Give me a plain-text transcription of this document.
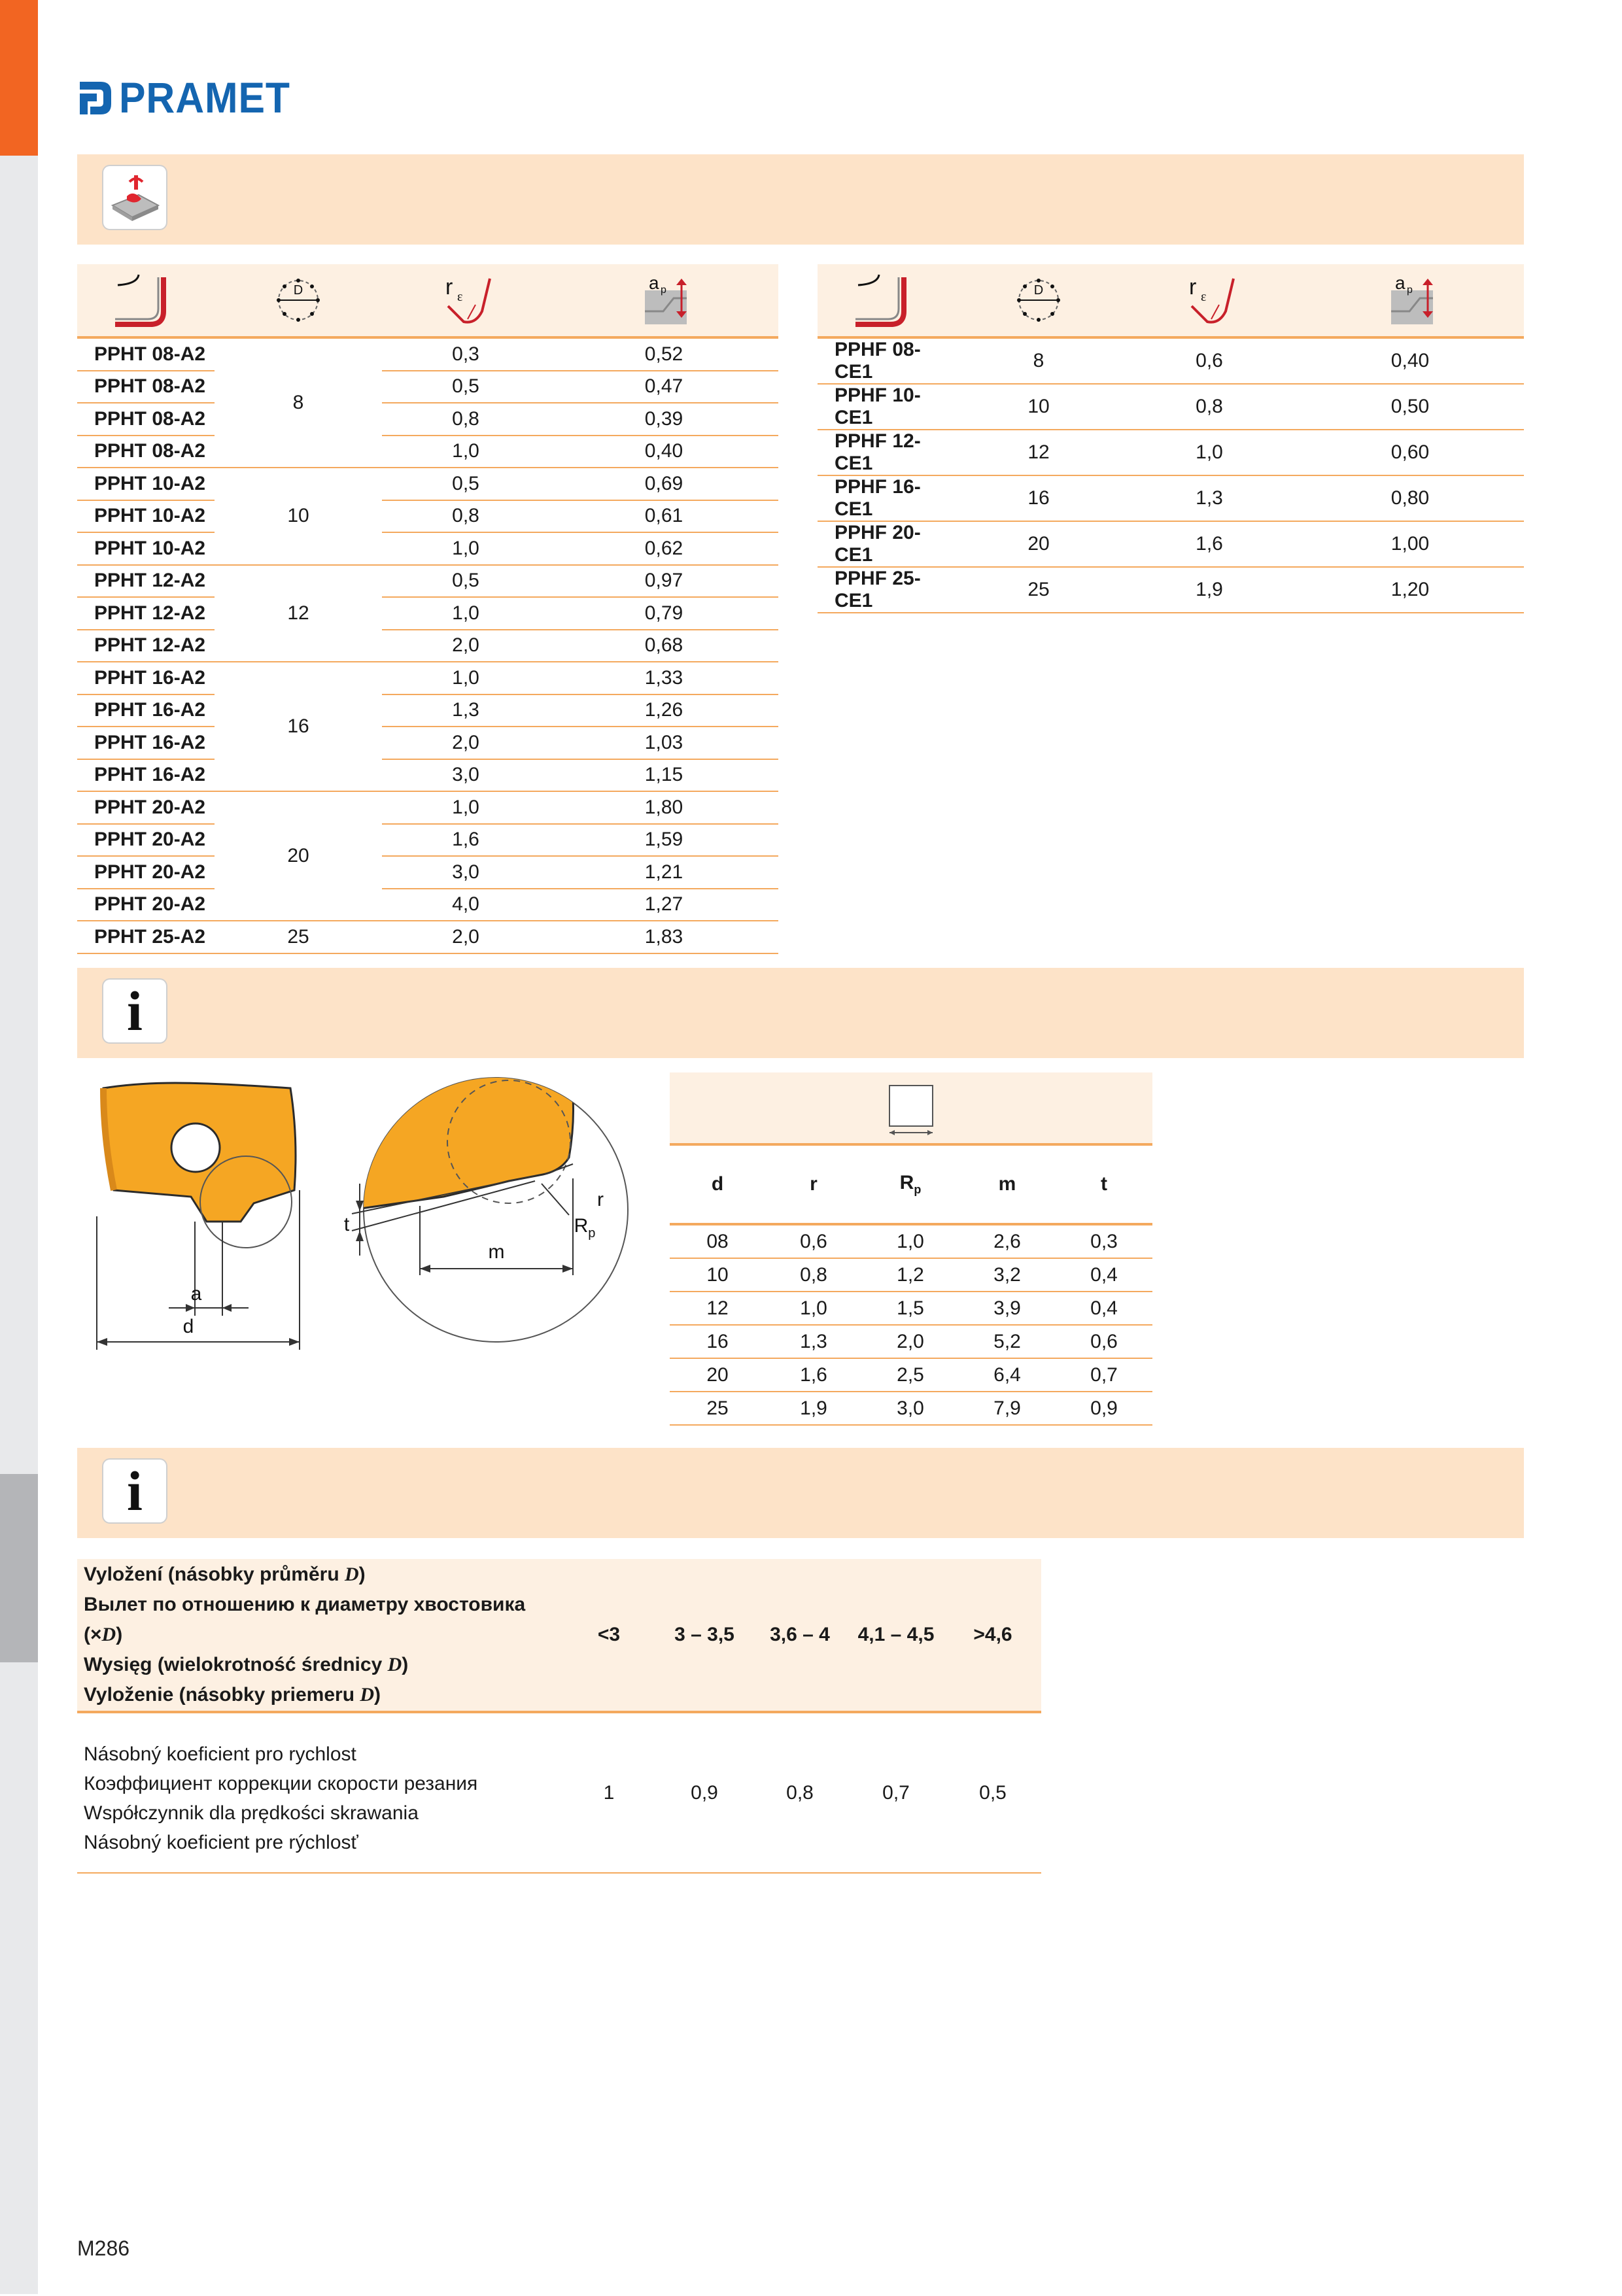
PRAMET

D	r ε	a p

PPHT 08-A2	8	0,3	0,52
PPHT 08-A2		0,5	0,47
PPHT 08-A2		0,8	0,39
PPHT 08-A2		1,0	0,40
PPHT 10-A2	10	0,5	0,69
PPHT 10-A2		0,8	0,61
PPHT 10-A2		1,0	0,62
PPHT 12-A2	12	0,5	0,97
PPHT 12-A2		1,0	0,79
PPHT 12-A2		2,0	0,68
PPHT 16-A2	16	1,0	1,33
PPHT 16-A2		1,3	1,26
PPHT 16-A2		2,0	1,03
PPHT 16-A2		3,0	1,15
PPHT 20-A2	20	1,0	1,80
PPHT 20-A2		1,6	1,59
PPHT 20-A2		3,0	1,21
PPHT 20-A2		4,0	1,27
PPHT 25-A2	25	2,0	1,83

D	r ε	a p

PPHF 08-CE1	8	0,6	0,40
PPHF 10-CE1	10	0,8	0,50
PPHF 12-CE1	12	1,0	0,60
PPHF 16-CE1	16	1,3	0,80
PPHF 20-CE1	20	1,6	1,00
PPHF 25-CE1	25	1,9	1,20
i
d
a
r
$R_p$
t
m
d	r	$R_p$	m	t
08	0,6	1,0	2,6	0,3
10	0,8	1,2	3,2	0,4
12	1,0	1,5	3,9	0,4
16	1,3	2,0	5,2	0,6
20	1,6	2,5	6,4	0,7
25	1,9	3,0	7,9	0,9
i
Vyložení (násobky průměru D)
Вылет по отношению к диаметру хвостовика (×D)
Wysięg (wielokrotność średnicy D)
Vyloženie (násobky priemeru D)	<3	3 – 3,5	3,6 – 4	4,1 – 4,5	>4,6

Násobný koeficient pro rychlost
Коэффициент коррекции скорости резания
Współczynnik dla prędkości skrawania
Násobný koeficient pre rýchlosť	1	0,9	0,8	0,7	0,5
M286
